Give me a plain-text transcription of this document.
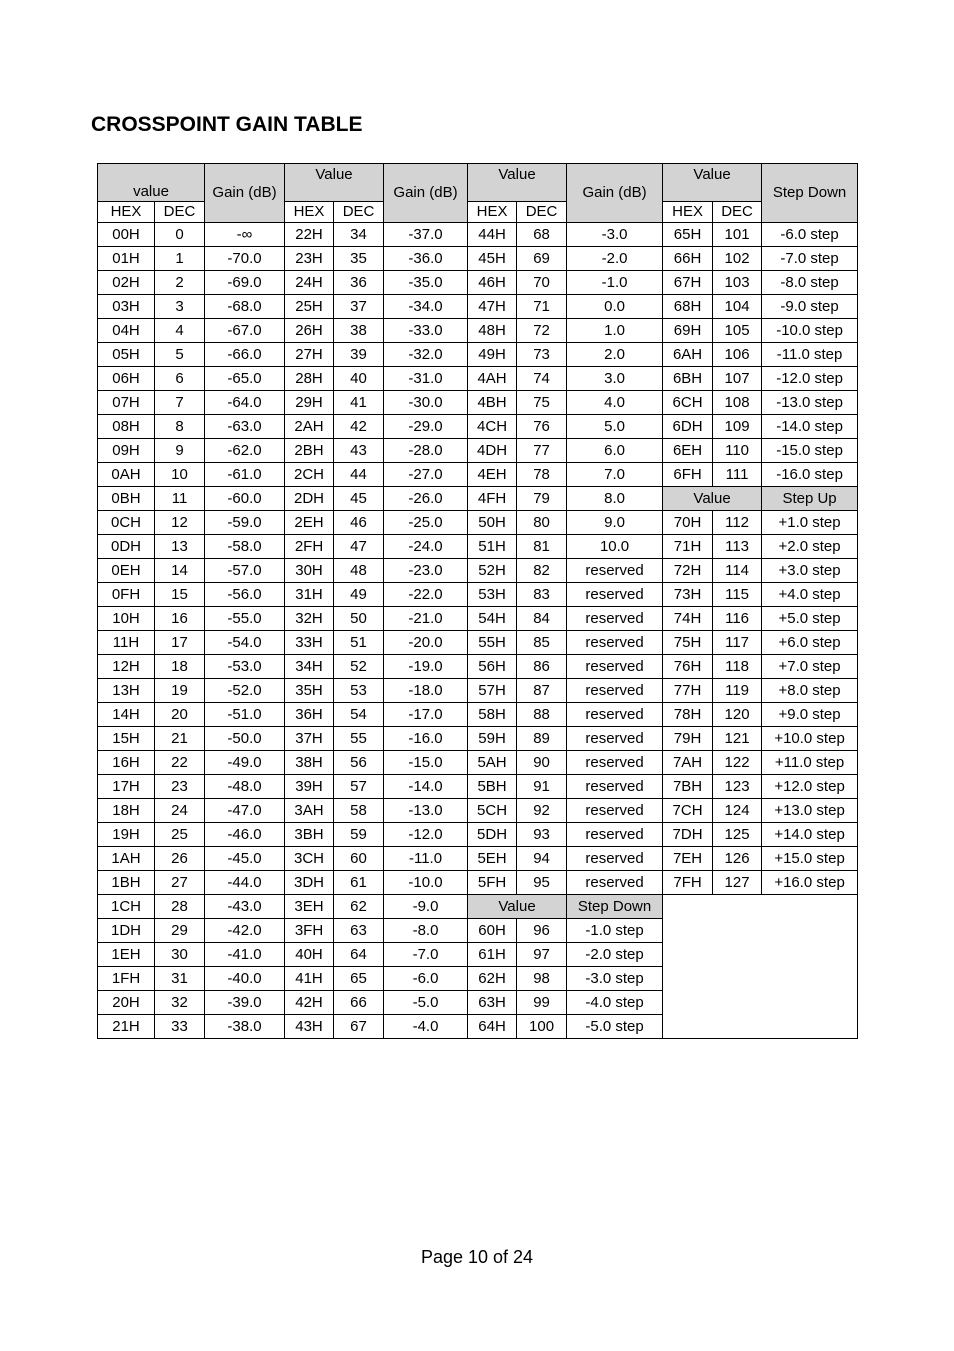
CROSSPOINT GAIN TABLE
value		Gain (dB)	Value		Gain (dB)	Value		Gain (dB)	Value		Step Down
HEX	DEC		HEX	DEC		HEX	DEC		HEX	DEC	
00H	0	-∞	22H	34	-37.0	44H	68	-3.0	65H	101	-6.0 step
01H	1	-70.0	23H	35	-36.0	45H	69	-2.0	66H	102	-7.0 step
02H	2	-69.0	24H	36	-35.0	46H	70	-1.0	67H	103	-8.0 step
03H	3	-68.0	25H	37	-34.0	47H	71	0.0	68H	104	-9.0 step
04H	4	-67.0	26H	38	-33.0	48H	72	1.0	69H	105	-10.0 step
05H	5	-66.0	27H	39	-32.0	49H	73	2.0	6AH	106	-11.0 step
06H	6	-65.0	28H	40	-31.0	4AH	74	3.0	6BH	107	-12.0 step
07H	7	-64.0	29H	41	-30.0	4BH	75	4.0	6CH	108	-13.0 step
08H	8	-63.0	2AH	42	-29.0	4CH	76	5.0	6DH	109	-14.0 step
09H	9	-62.0	2BH	43	-28.0	4DH	77	6.0	6EH	110	-15.0 step
0AH	10	-61.0	2CH	44	-27.0	4EH	78	7.0	6FH	111	-16.0 step
0BH	11	-60.0	2DH	45	-26.0	4FH	79	8.0	Value		Step Up
0CH	12	-59.0	2EH	46	-25.0	50H	80	9.0	70H	112	+1.0 step
0DH	13	-58.0	2FH	47	-24.0	51H	81	10.0	71H	113	+2.0 step
0EH	14	-57.0	30H	48	-23.0	52H	82	reserved	72H	114	+3.0 step
0FH	15	-56.0	31H	49	-22.0	53H	83	reserved	73H	115	+4.0 step
10H	16	-55.0	32H	50	-21.0	54H	84	reserved	74H	116	+5.0 step
11H	17	-54.0	33H	51	-20.0	55H	85	reserved	75H	117	+6.0 step
12H	18	-53.0	34H	52	-19.0	56H	86	reserved	76H	118	+7.0 step
13H	19	-52.0	35H	53	-18.0	57H	87	reserved	77H	119	+8.0 step
14H	20	-51.0	36H	54	-17.0	58H	88	reserved	78H	120	+9.0 step
15H	21	-50.0	37H	55	-16.0	59H	89	reserved	79H	121	+10.0 step
16H	22	-49.0	38H	56	-15.0	5AH	90	reserved	7AH	122	+11.0 step
17H	23	-48.0	39H	57	-14.0	5BH	91	reserved	7BH	123	+12.0 step
18H	24	-47.0	3AH	58	-13.0	5CH	92	reserved	7CH	124	+13.0 step
19H	25	-46.0	3BH	59	-12.0	5DH	93	reserved	7DH	125	+14.0 step
1AH	26	-45.0	3CH	60	-11.0	5EH	94	reserved	7EH	126	+15.0 step
1BH	27	-44.0	3DH	61	-10.0	5FH	95	reserved	7FH	127	+16.0 step
1CH	28	-43.0	3EH	62	-9.0	Value		Step Down			
1DH	29	-42.0	3FH	63	-8.0	60H	96	-1.0 step			
1EH	30	-41.0	40H	64	-7.0	61H	97	-2.0 step			
1FH	31	-40.0	41H	65	-6.0	62H	98	-3.0 step			
20H	32	-39.0	42H	66	-5.0	63H	99	-4.0 step			
21H	33	-38.0	43H	67	-4.0	64H	100	-5.0 step			
Page 10 of 24
